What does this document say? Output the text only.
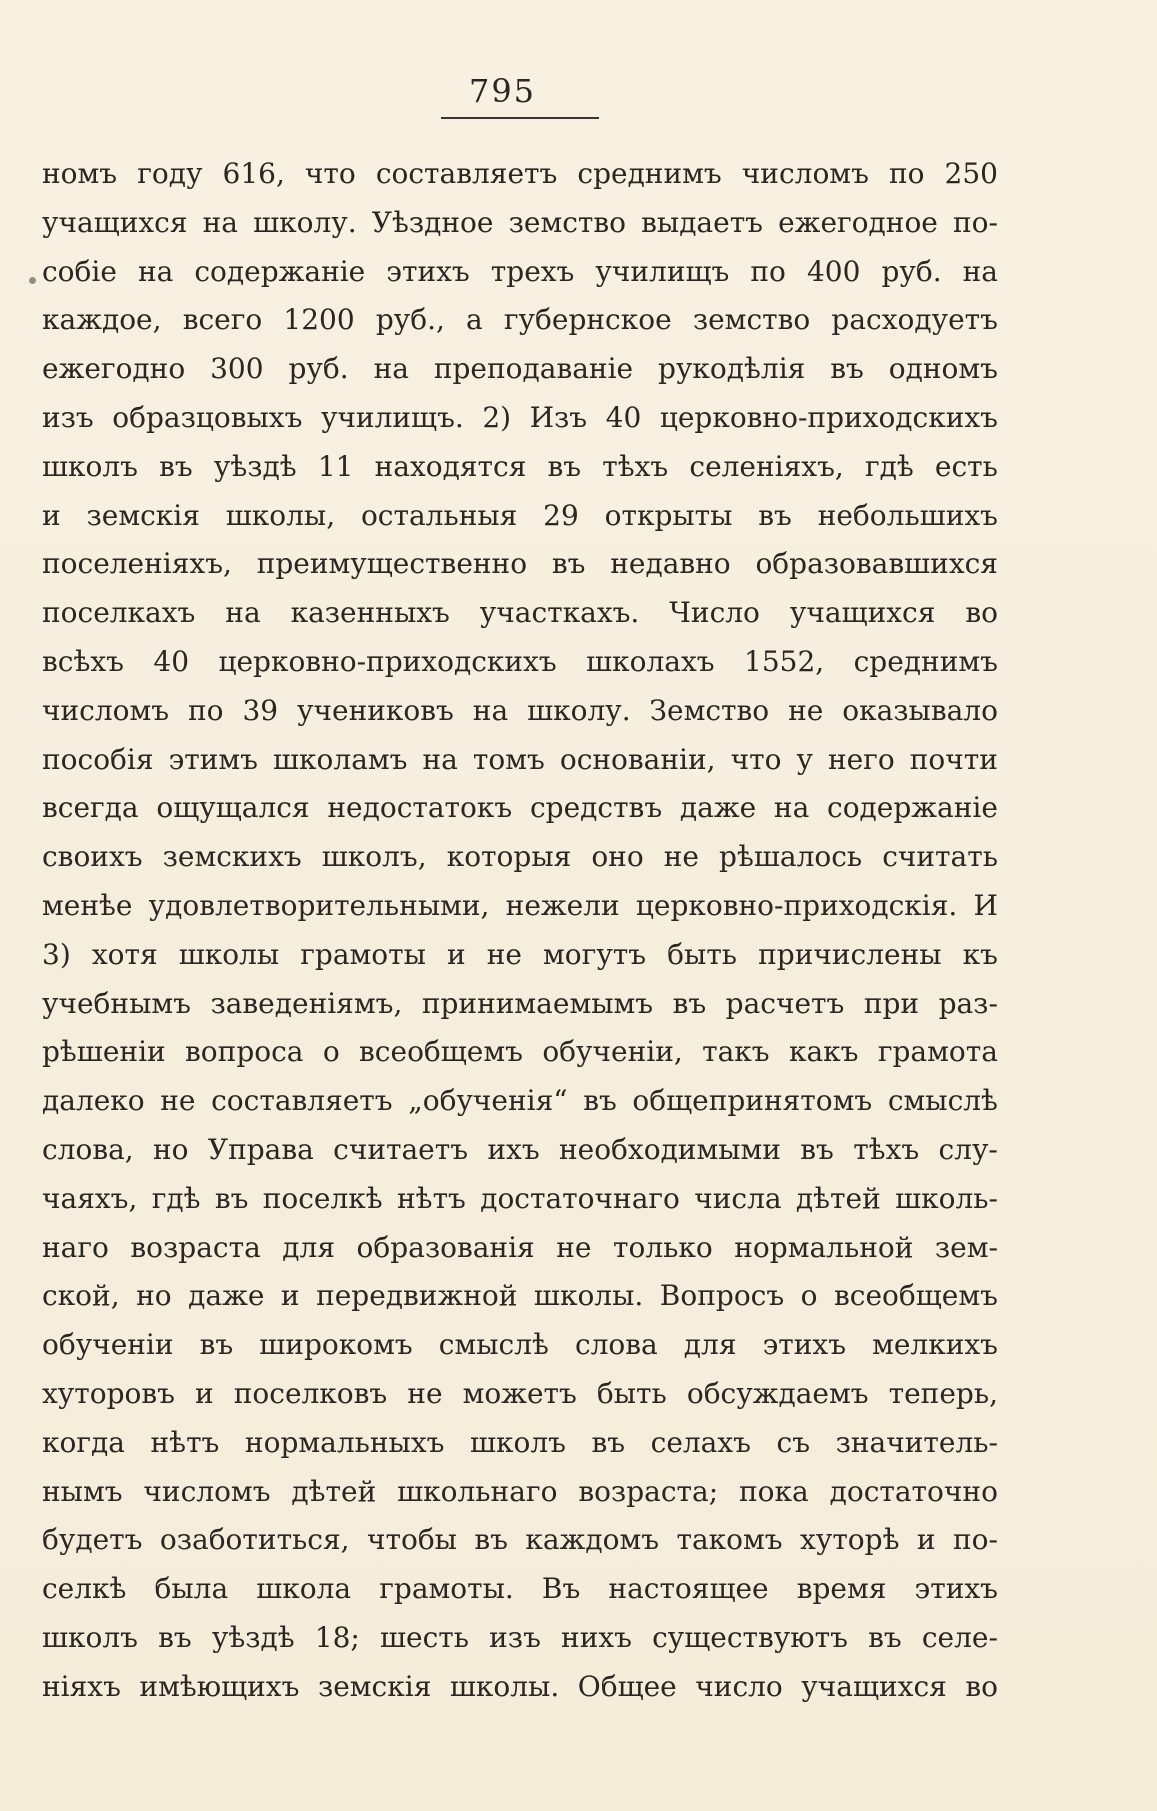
795
номъ году 616, что составляетъ среднимъ числомъ по 250
учащихся на школу. Уѣздное земство выдаетъ ежегодное по-
собіе на содержаніе этихъ трехъ училищъ по 400 руб. на
каждое, всего 1200 руб., а губернское земство расходуетъ
ежегодно 300 руб. на преподаваніе рукодѣлія въ одномъ
изъ образцовыхъ училищъ. 2) Изъ 40 церковно-приходскихъ
школъ въ уѣздѣ 11 находятся въ тѣхъ селеніяхъ, гдѣ есть
и земскія школы, остальныя 29 открыты въ небольшихъ
поселеніяхъ, преимущественно въ недавно образовавшихся
поселкахъ на казенныхъ участкахъ. Число учащихся во
всѣхъ 40 церковно-приходскихъ школахъ 1552, среднимъ
числомъ по 39 учениковъ на школу. Земство не оказывало
пособія этимъ школамъ на томъ основаніи, что у него почти
всегда ощущался недостатокъ средствъ даже на содержаніе
своихъ земскихъ школъ, которыя оно не рѣшалось считать
менѣе удовлетворительными, нежели церковно-приходскія. И
3) хотя школы грамоты и не могутъ быть причислены къ
учебнымъ заведеніямъ, принимаемымъ въ расчетъ при раз-
рѣшеніи вопроса о всеобщемъ обученіи, такъ какъ грамота
далеко не составляетъ „обученія“ въ общепринятомъ смыслѣ
слова, но Управа считаетъ ихъ необходимыми въ тѣхъ слу-
чаяхъ, гдѣ въ поселкѣ нѣтъ достаточнаго числа дѣтей школь-
наго возраста для образованія не только нормальной зем-
ской, но даже и передвижной школы. Вопросъ о всеобщемъ
обученіи въ широкомъ смыслѣ слова для этихъ мелкихъ
хуторовъ и поселковъ не можетъ быть обсуждаемъ теперь,
когда нѣтъ нормальныхъ школъ въ селахъ съ значитель-
нымъ числомъ дѣтей школьнаго возраста; пока достаточно
будетъ озаботиться, чтобы въ каждомъ такомъ хуторѣ и по-
селкѣ была школа грамоты. Въ настоящее время этихъ
школъ въ уѣздѣ 18; шесть изъ нихъ существуютъ въ селе-
ніяхъ имѣющихъ земскія школы. Общее число учащихся во
